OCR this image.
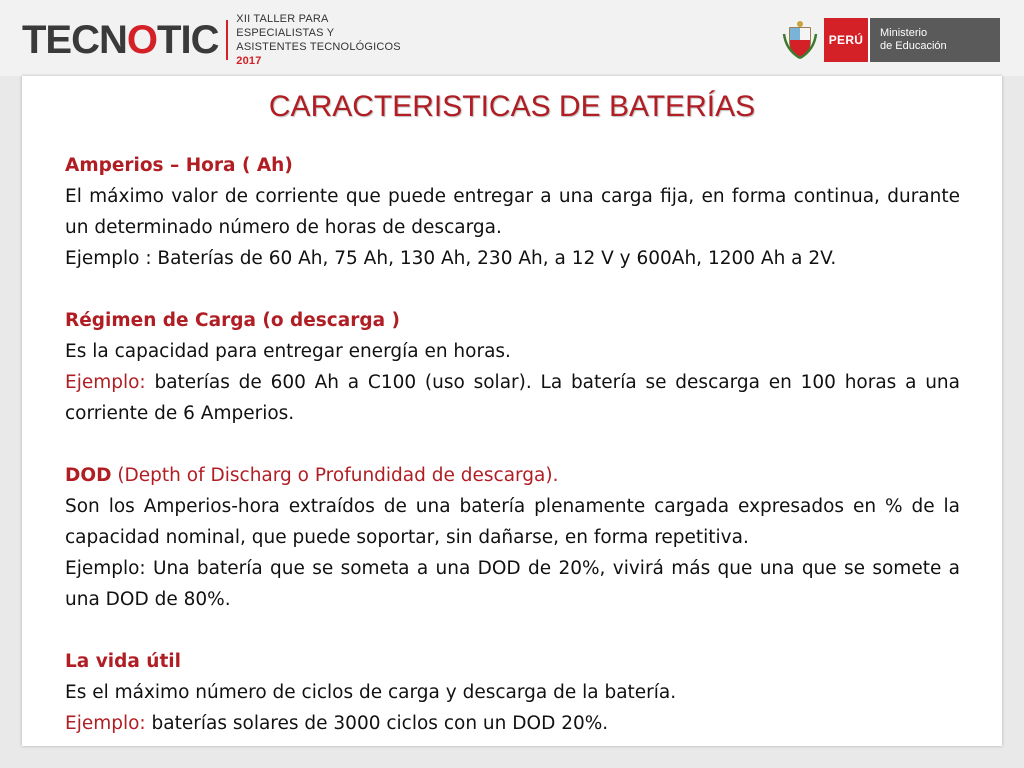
TECNOTIC XII TALLER PARA ESPECIALISTAS Y
ASISTENTES TECNOLÓGICOS 2017
PERÚ	Ministerio
de Educación
CARACTERISTICAS DE BATERÍAS

Amperios – Hora ( Ah)

El máximo valor de corriente que puede entregar a una carga fija, en forma continua, durante un determinado número de horas de descarga.

Ejemplo : Baterías de 60 Ah, 75 Ah, 130 Ah, 230 Ah, a 12 V y 600Ah, 1200 Ah a 2V.

Régimen de Carga (o descarga )

Es la capacidad para entregar energía en horas.

Ejemplo: baterías de 600 Ah a C100 (uso solar). La batería se descarga en 100 horas a una corriente de 6 Amperios.

DOD (Depth of Discharg o Profundidad de descarga).

Son los Amperios-hora extraídos de una batería plenamente cargada expresados en % de la capacidad nominal, que puede soportar, sin dañarse, en forma repetitiva.

Ejemplo: Una batería que se someta a una DOD de 20%, vivirá más que una que se somete a una DOD de 80%.

La vida útil

Es el máximo número de ciclos de carga y descarga de la batería.

Ejemplo: baterías solares de 3000 ciclos con un DOD 20%.
